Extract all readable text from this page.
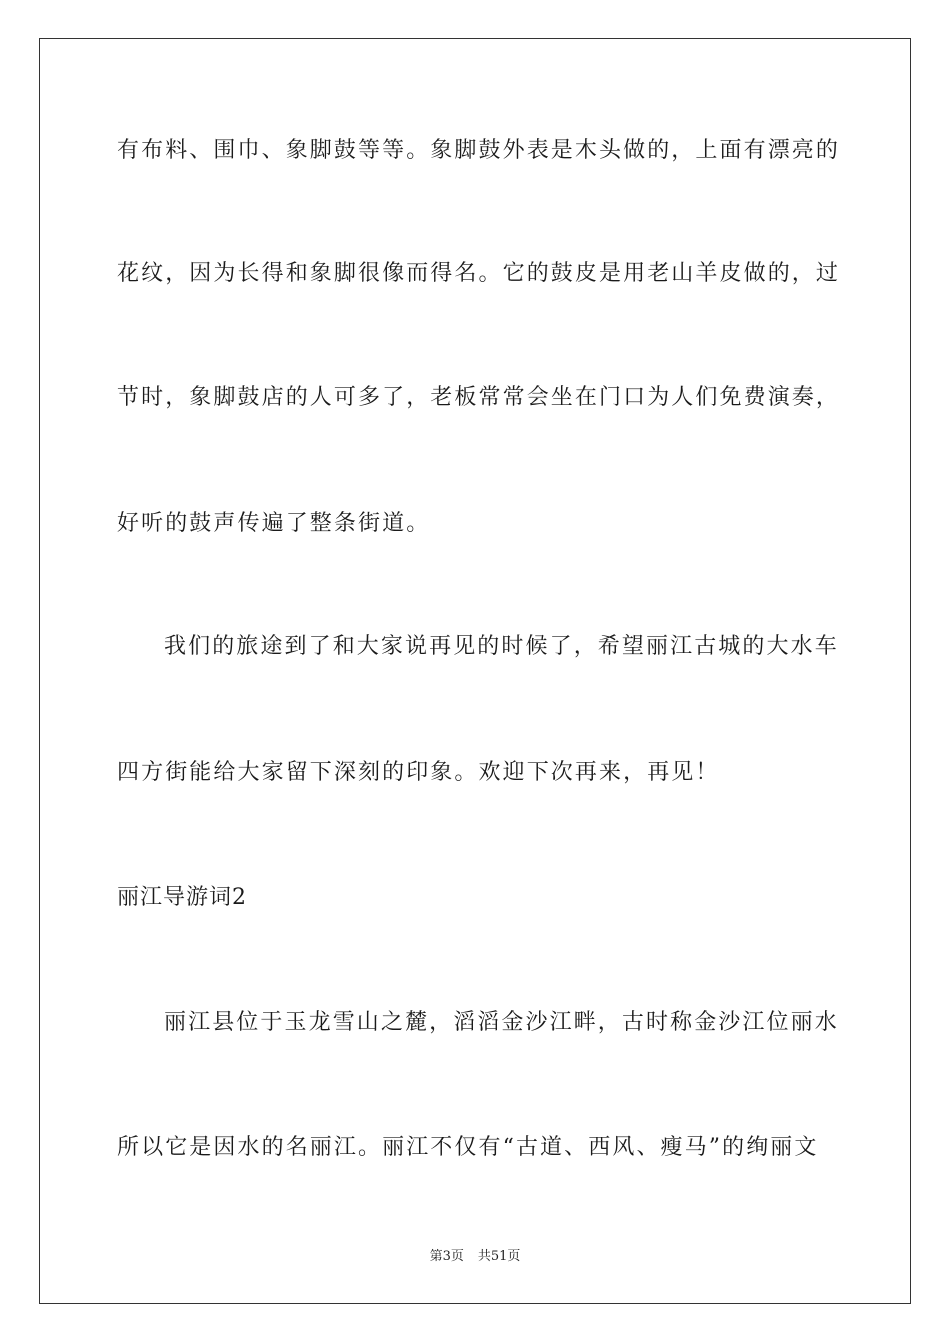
有布料、围巾、象脚鼓等等。象脚鼓外表是木头做的，上面有漂亮的
花纹，因为长得和象脚很像而得名。它的鼓皮是用老山羊皮做的，过
节时，象脚鼓店的人可多了，老板常常会坐在门口为人们免费演奏，
好听的鼓声传遍了整条街道。
我们的旅途到了和大家说再见的时候了，希望丽江古城的大水车
四方街能给大家留下深刻的印象。欢迎下次再来，再见！
丽江导游词2
丽江县位于玉龙雪山之麓，滔滔金沙江畔，古时称金沙江位丽水
所以它是因水的名丽江。丽江不仅有“古道、西风、瘦马”的绚丽文
第3页 共51页
